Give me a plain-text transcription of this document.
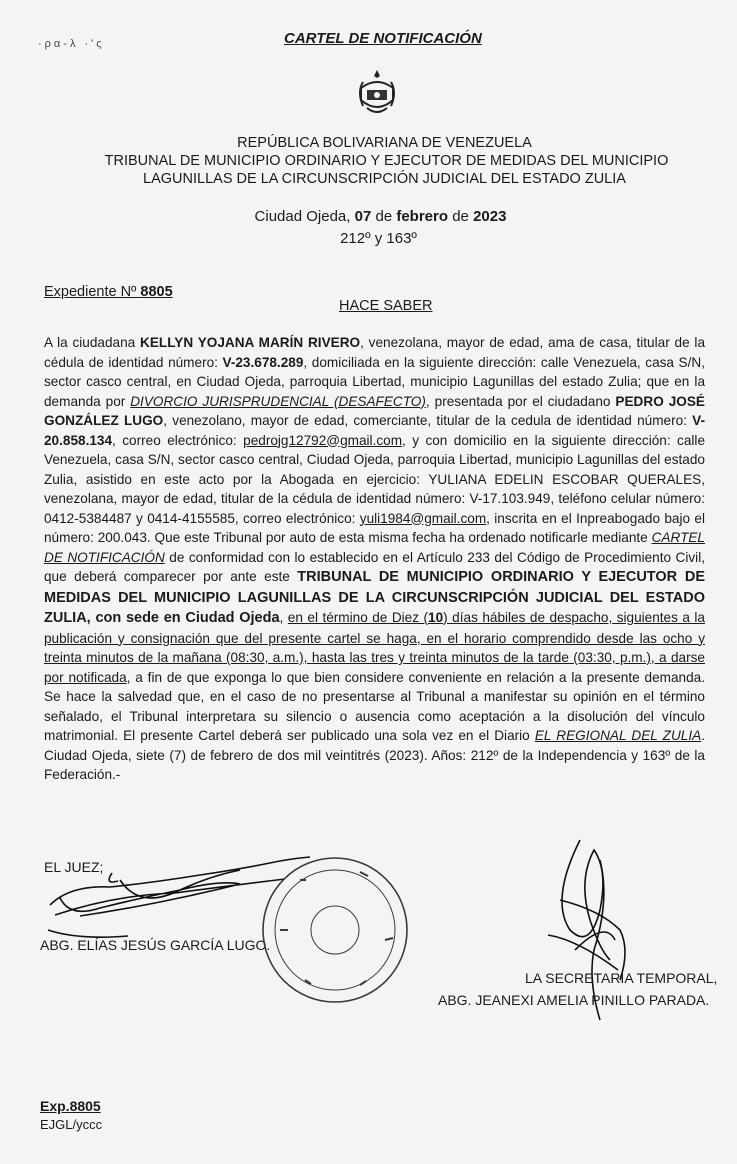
·ρα-λ ·'ς	CARTEL DE NOTIFICACIÓN
REPÚBLICA BOLIVARIANA DE VENEZUELA
TRIBUNAL DE MUNICIPIO ORDINARIO Y EJECUTOR DE MEDIDAS DEL MUNICIPIO
LAGUNILLAS DE LA CIRCUNSCRIPCIÓN JUDICIAL DEL ESTADO ZULIA
Ciudad Ojeda, 07 de febrero de 2023
212º y 163º
Expediente Nº 8805
HACE SABER
A la ciudadana KELLYN YOJANA MARÍN RIVERO, venezolana, mayor de edad, ama de casa, titular de la cédula de identidad número: V-23.678.289, domiciliada en la siguiente dirección: calle Venezuela, casa S/N, sector casco central, en Ciudad Ojeda, parroquia Libertad, municipio Lagunillas del estado Zulia; que en la demanda por DIVORCIO JURISPRUDENCIAL (DESAFECTO), presentada por el ciudadano PEDRO JOSÉ GONZÁLEZ LUGO, venezolano, mayor de edad, comerciante, titular de la cedula de identidad número: V-20.858.134, correo electrónico: pedrojg12792@gmail.com, y con domicilio en la siguiente dirección: calle Venezuela, casa S/N, sector casco central, Ciudad Ojeda, parroquia Libertad, municipio Lagunillas del estado Zulia, asistido en este acto por la Abogada en ejercicio: YULIANA EDELIN ESCOBAR QUERALES, venezolana, mayor de edad, titular de la cédula de identidad número: V-17.103.949, teléfono celular número: 0412-5384487 y 0414-4155585, correo electrónico: yuli1984@gmail.com, inscrita en el Inpreabogado bajo el número: 200.043. Que este Tribunal por auto de esta misma fecha ha ordenado notificarle mediante CARTEL DE NOTIFICACIÓN de conformidad con lo establecido en el Artículo 233 del Código de Procedimiento Civil, que deberá comparecer por ante este TRIBUNAL DE MUNICIPIO ORDINARIO Y EJECUTOR DE MEDIDAS DEL MUNICIPIO LAGUNILLAS DE LA CIRCUNSCRIPCIÓN JUDICIAL DEL ESTADO ZULIA, con sede en Ciudad Ojeda, en el término de Diez (10) días hábiles de despacho, siguientes a la publicación y consignación que del presente cartel se haga, en el horario comprendido desde las ocho y treinta minutos de la mañana (08:30, a.m.), hasta las tres y treinta minutos de la tarde (03:30, p.m.), a darse por notificada, a fin de que exponga lo que bien considere conveniente en relación a la presente demanda. Se hace la salvedad que, en el caso de no presentarse al Tribunal a manifestar su opinión en el término señalado, el Tribunal interpretara su silencio o ausencia como aceptación a la disolución del vínculo matrimonial. El presente Cartel deberá ser publicado una sola vez en el Diario EL REGIONAL DEL ZULIA. Ciudad Ojeda, siete (7) de febrero de dos mil veintitrés (2023). Años: 212º de la Independencia y 163º de la Federación.-
EL JUEZ;
ABG. ELÍAS JESÚS GARCÍA LUGO.
LA SECRETARIA TEMPORAL,
ABG. JEANEXI AMELIA PINILLO PARADA.
Exp.8805
EJGL/yccc
